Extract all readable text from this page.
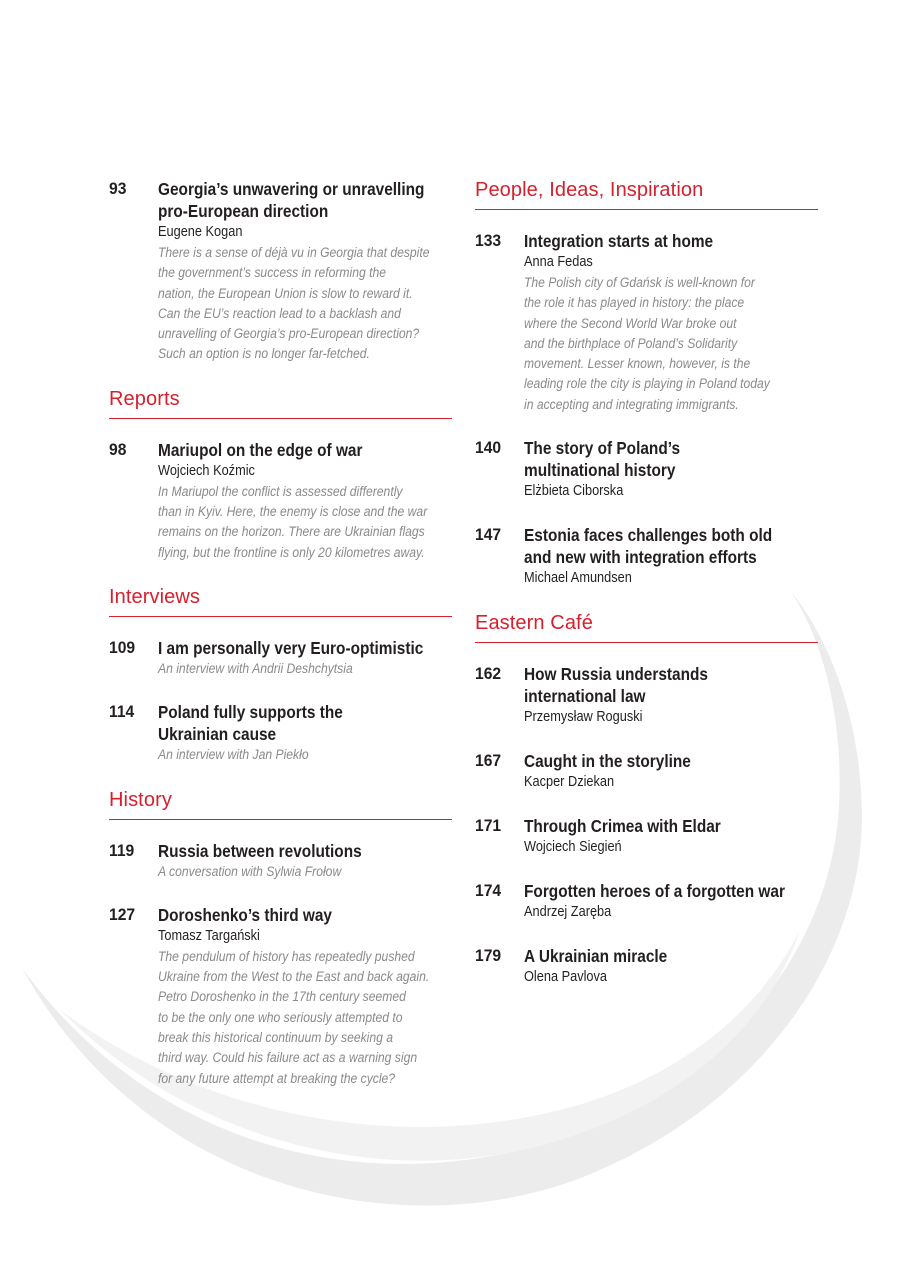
93	Georgia’s unwavering or unravelling
pro-European direction
Eugene Kogan
There is a sense of déjà vu in Georgia that despite
the government’s success in reforming the
nation, the European Union is slow to reward it.
Can the EU’s reaction lead to a backlash and
unravelling of Georgia’s pro-European direction?
Such an option is no longer far-fetched.
Reports
98	Mariupol on the edge of war
Wojciech Koźmic
In Mariupol the conflict is assessed differently
than in Kyiv. Here, the enemy is close and the war
remains on the horizon. There are Ukrainian flags
flying, but the frontline is only 20 kilometres away.
Interviews
109	I am personally very Euro-optimistic
An interview with Andrii Deshchytsia
114	Poland fully supports the
Ukrainian cause
An interview with Jan Piekło
History
119	Russia between revolutions
A conversation with Sylwia Frołow
127	Doroshenko’s third way
Tomasz Targański
The pendulum of history has repeatedly pushed
Ukraine from the West to the East and back again.
Petro Doroshenko in the 17th century seemed
to be the only one who seriously attempted to
break this historical continuum by seeking a
third way. Could his failure act as a warning sign
for any future attempt at breaking the cycle?
People, Ideas, Inspiration
133	Integration starts at home
Anna Fedas
The Polish city of Gdańsk is well-known for
the role it has played in history: the place
where the Second World War broke out
and the birthplace of Poland’s Solidarity
movement. Lesser known, however, is the
leading role the city is playing in Poland today
in accepting and integrating immigrants.
140	The story of Poland’s
multinational history
Elżbieta Ciborska
147	Estonia faces challenges both old
and new with integration efforts
Michael Amundsen
Eastern Café
162	How Russia understands
international law
Przemysław Roguski
167	Caught in the storyline
Kacper Dziekan
171	Through Crimea with Eldar
Wojciech Siegień
174	Forgotten heroes of a forgotten war
Andrzej Zaręba
179	A Ukrainian miracle
Olena Pavlova
